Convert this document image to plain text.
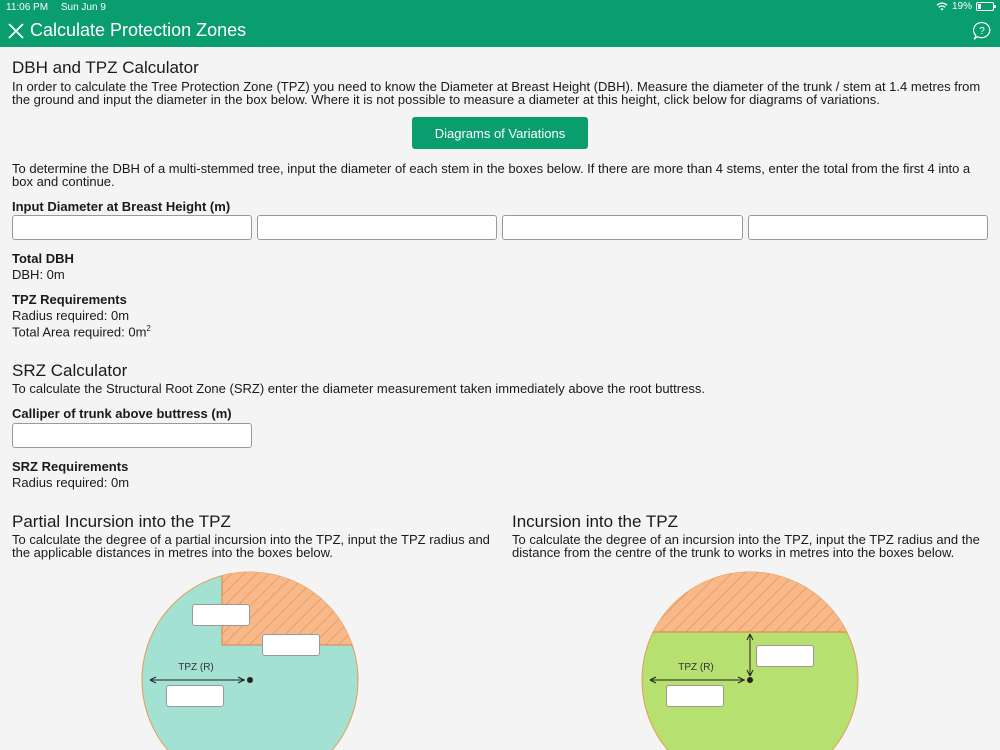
11:06 PM Sun Jun 9	19%
Calculate Protection Zones	?
DBH and TPZ Calculator

In order to calculate the Tree Protection Zone (TPZ) you need to know the Diameter at Breast Height (DBH). Measure the diameter of the trunk / stem at 1.4 metres from

the ground and input the diameter in the box below. Where it is not possible to measure a diameter at this height, click below for diagrams of variations.

Diagrams of Variations

To determine the DBH of a multi-stemmed tree, input the diameter of each stem in the boxes below. If there are more than 4 stems, enter the total from the first 4 into a

box and continue.

Input Diameter at Breast Height (m)
Total DBH
DBH: 0m
TPZ Requirements
Radius required: 0m
Total Area required: $0m^2$
SRZ Calculator

To calculate the Structural Root Zone (SRZ) enter the diameter measurement taken immediately above the root buttress.

Calliper of trunk above buttress (m)
SRZ Requirements
Radius required: 0m
Partial Incursion into the TPZ

To calculate the degree of a partial incursion into the TPZ, input the TPZ radius and

the applicable distances in metres into the boxes below.

Incursion into the TPZ

To calculate the degree of an incursion into the TPZ, input the TPZ radius and the

distance from the centre of the trunk to works in metres into the boxes below.

TPZ (R)	TPZ (R)
